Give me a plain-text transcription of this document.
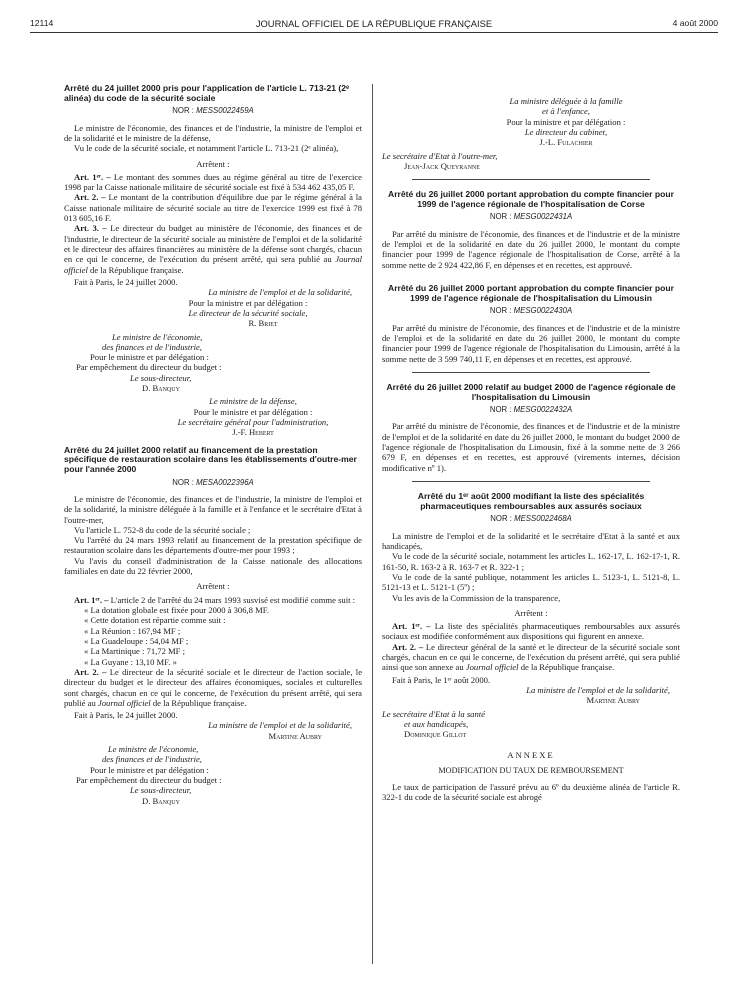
12114	JOURNAL OFFICIEL DE LA RÉPUBLIQUE FRANÇAISE	4 août 2000
Arrêté du 24 juillet 2000 pris pour l'application de l'article L. 713-21 (2ᵉ alinéa) du code de la sécurité sociale
NOR : MESS0022459A

Le ministre de l'économie, des finances et de l'industrie, la ministre de l'emploi et de la solidarité et le ministre de la défense,

Vu le code de la sécurité sociale, et notamment l'article L. 713-21 (2ᵉ alinéa),

Arrêtent :

Art. 1ᵉʳ. – Le montant des sommes dues au régime général au titre de l'exercice 1998 par la Caisse nationale militaire de sécurité sociale est fixé à 534 462 435,05 F.

Art. 2. – Le montant de la contribution d'équilibre due par le régime général à la Caisse nationale militaire de sécurité sociale au titre de l'exercice 1999 est fixé à 78 013 605,16 F.

Art. 3. – Le directeur du budget au ministère de l'économie, des finances et de l'industrie, le directeur de la sécurité sociale au ministère de l'emploi et de la solidarité et le directeur des affaires financières au ministère de la défense sont chargés, chacun en ce qui le concerne, de l'exécution du présent arrêté, qui sera publié au Journal officiel de la République française.

Fait à Paris, le 24 juillet 2000.

La ministre de l'emploi et de la solidarité,
Pour la ministre et par délégation :
Le directeur de la sécurité sociale,
R. Briet
Le ministre de l'économie,
des finances et de l'industrie,
Pour le ministre et par délégation :
Par empêchement du directeur du budget :
Le sous-directeur,
D. Banquy
Le ministre de la défense,
Pour le ministre et par délégation :
Le secrétaire général pour l'administration,
J.-F. Hebert
Arrêté du 24 juillet 2000 relatif au financement de la prestation spécifique de restauration scolaire dans les établissements d'outre-mer pour l'année 2000
NOR : MESA0022396A

Le ministre de l'économie, des finances et de l'industrie, la ministre de l'emploi et de la solidarité, la ministre déléguée à la famille et à l'enfance et le secrétaire d'Etat à l'outre-mer,

Vu l'article L. 752-8 du code de la sécurité sociale ;

Vu l'arrêté du 24 mars 1993 relatif au financement de la prestation spécifique de restauration scolaire dans les départements d'outre-mer pour 1993 ;

Vu l'avis du conseil d'administration de la Caisse nationale des allocations familiales en date du 22 février 2000,

Arrêtent :

Art. 1ᵉʳ. – L'article 2 de l'arrêté du 24 mars 1993 susvisé est modifié comme suit :

« La dotation globale est fixée pour 2000 à 306,8 MF.

« Cette dotation est répartie comme suit :

« La Réunion : 167,94 MF ;

« La Guadeloupe : 54,04 MF ;

« La Martinique : 71,72 MF ;

« La Guyane : 13,10 MF. »

Art. 2. – Le directeur de la sécurité sociale et le directeur de l'action sociale, le directeur du budget et le directeur des affaires économiques, sociales et culturelles sont chargés, chacun en ce qui le concerne, de l'exécution du présent arrêté, qui sera publié au Journal officiel de la République française.

Fait à Paris, le 24 juillet 2000.

La ministre de l'emploi et de la solidarité,
Martine Aubry
Le ministre de l'économie,
des finances et de l'industrie,
Pour le ministre et par délégation :
Par empêchement du directeur du budget :
Le sous-directeur,
D. Banquy
La ministre déléguée à la famille
et à l'enfance,
Pour la ministre et par délégation :
Le directeur du cabinet,
J.-L. Fulachier
Le secrétaire d'Etat à l'outre-mer,
Jean-Jack Queyranne
Arrêté du 26 juillet 2000 portant approbation du compte financier pour 1999 de l'agence régionale de l'hospitalisation de Corse
NOR : MESG0022431A

Par arrêté du ministre de l'économie, des finances et de l'industrie et de la ministre de l'emploi et de la solidarité en date du 26 juillet 2000, le montant du compte financier pour 1999 de l'agence régionale de l'hospitalisation de Corse, arrêté à la somme nette de 2 924 422,86 F, en dépenses et en recettes, est approuvé.

Arrêté du 26 juillet 2000 portant approbation du compte financier pour 1999 de l'agence régionale de l'hospitalisation du Limousin
NOR : MESG0022430A

Par arrêté du ministre de l'économie, des finances et de l'industrie et de la ministre de l'emploi et de la solidarité en date du 26 juillet 2000, le montant du compte financier pour 1999 de l'agence régionale de l'hospitalisation du Limousin, arrêté à la somme nette de 3 599 740,11 F, en dépenses et en recettes, est approuvé.

Arrêté du 26 juillet 2000 relatif au budget 2000 de l'agence régionale de l'hospitalisation du Limousin
NOR : MESG0022432A

Par arrêté du ministre de l'économie, des finances et de l'industrie et de la ministre de l'emploi et de la solidarité en date du 26 juillet 2000, le montant du budget 2000 de l'agence régionale de l'hospitalisation du Limousin, fixé à la somme nette de 3 266 679 F, en dépenses et en recettes, est approuvé (virements internes, décision modificative nº 1).

Arrêté du 1ᵉʳ août 2000 modifiant la liste des spécialités pharmaceutiques remboursables aux assurés sociaux
NOR : MESS0022468A

La ministre de l'emploi et de la solidarité et le secrétaire d'Etat à la santé et aux handicapés,

Vu le code de la sécurité sociale, notamment les articles L. 162-17, L. 162-17-1, R. 161-50, R. 163-2 à R. 163-7 et R. 322-1 ;

Vu le code de la santé publique, notamment les articles L. 5123-1, L. 5121-8, L. 5121-13 et L. 5121-1 (5º) ;

Vu les avis de la Commission de la transparence,

Arrêtent :

Art. 1ᵉʳ. – La liste des spécialités pharmaceutiques remboursables aux assurés sociaux est modifiée conformément aux dispositions qui figurent en annexe.

Art. 2. – Le directeur général de la santé et le directeur de la sécurité sociale sont chargés, chacun en ce qui le concerne, de l'exécution du présent arrêté, qui sera publié ainsi que son annexe au Journal officiel de la République française.

Fait à Paris, le 1ᵉʳ août 2000.

La ministre de l'emploi et de la solidarité,
Martine Aubry
Le secrétaire d'Etat à la santé
et aux handicapés,
Dominique Gillot
ANNEXE
MODIFICATION DU TAUX DE REMBOURSEMENT

Le taux de participation de l'assuré prévu au 6º du deuxième alinéa de l'article R. 322-1 du code de la sécurité sociale est abrogé
